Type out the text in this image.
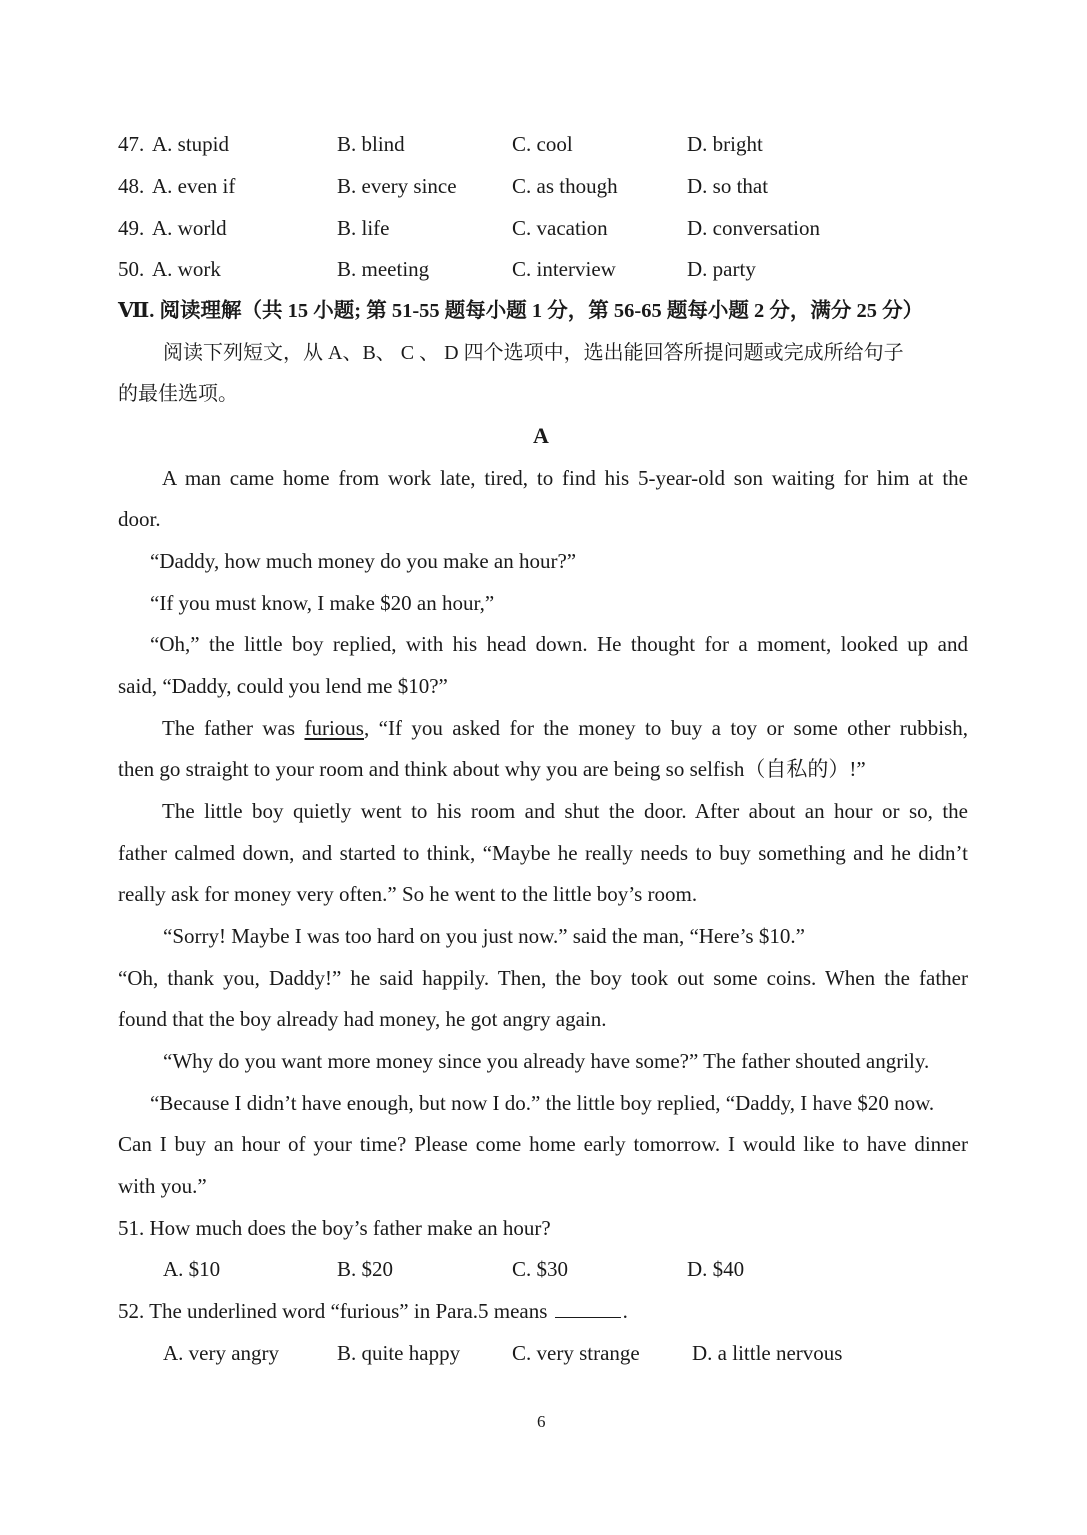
47. A. stupid	B. blind	C. cool	D. bright
48. A. even if	B. every since	C. as though	D. so that
49. A. world	B. life	C. vacation	D. conversation
50. A. work	B. meeting	C. interview	D. party
Ⅶ. 阅读理解（共 15 小题; 第 51-55 题每小题 1 分，第 56-65 题每小题 2 分，满分 25 分）
阅读下列短文，从 A、B、 C 、 D 四个选项中，选出能回答所提问题或完成所给句子
的最佳选项。
A
A man came home from work late, tired, to find his 5-year-old son waiting for him at the
door.
“Daddy, how much money do you make an hour?”
“If you must know, I make $20 an hour,”
“Oh,” the little boy replied, with his head down. He thought for a moment, looked up and
said, “Daddy, could you lend me $10?”
The father was furious, “If you asked for the money to buy a toy or some other rubbish,
then go straight to your room and think about why you are being so selfish（自私的）!”
The little boy quietly went to his room and shut the door. After about an hour or so, the
father calmed down, and started to think, “Maybe he really needs to buy something and he didn’t
really ask for money very often.” So he went to the little boy’s room.
“Sorry! Maybe I was too hard on you just now.” said the man, “Here’s $10.”
“Oh, thank you, Daddy!” he said happily. Then, the boy took out some coins. When the father
found that the boy already had money, he got angry again.
“Why do you want more money since you already have some?” The father shouted angrily.
“Because I didn’t have enough, but now I do.” the little boy replied, “Daddy, I have $20 now.
Can I buy an hour of your time? Please come home early tomorrow. I would like to have dinner
with you.”
51. How much does the boy’s father make an hour?
A. $10	B. $20	C. $30	D. $40
52. The underlined word “furious” in Para.5 means	.
A. very angry	B. quite happy C. very strange D. a little nervous
6
